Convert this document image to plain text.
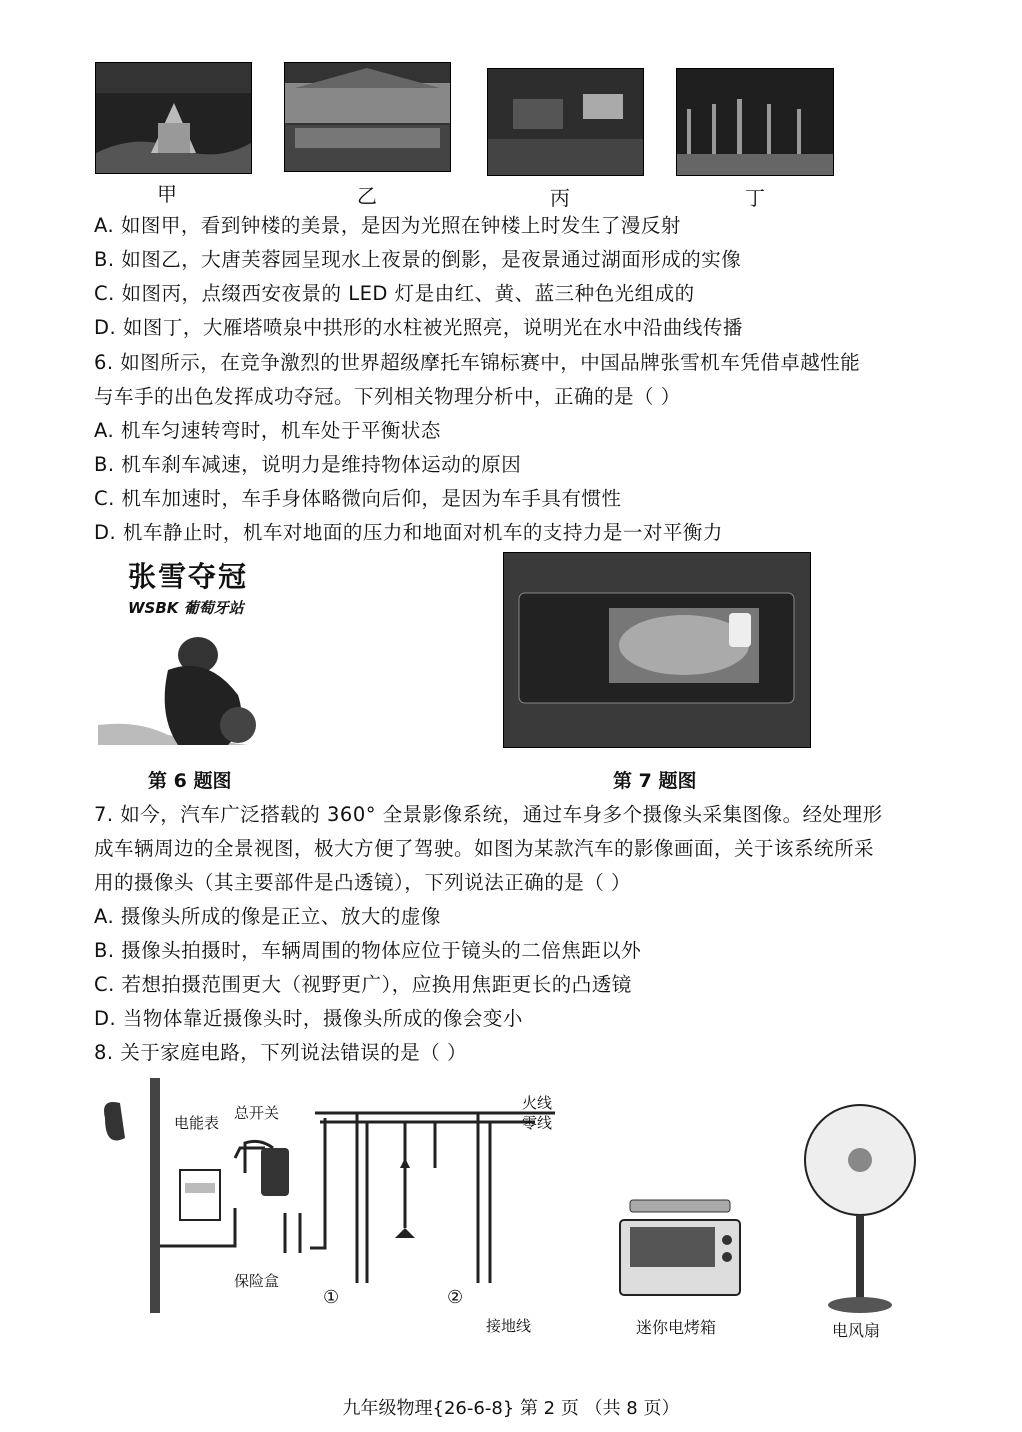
甲	乙	丙	丁
A. 如图甲，看到钟楼的美景，是因为光照在钟楼上时发生了漫反射
B. 如图乙，大唐芙蓉园呈现水上夜景的倒影，是夜景通过湖面形成的实像
C. 如图丙，点缀西安夜景的 LED 灯是由红、黄、蓝三种色光组成的
D. 如图丁，大雁塔喷泉中拱形的水柱被光照亮，说明光在水中沿曲线传播
6. 如图所示，在竞争激烈的世界超级摩托车锦标赛中，中国品牌张雪机车凭借卓越性能
与车手的出色发挥成功夺冠。下列相关物理分析中，正确的是（ ）
A. 机车匀速转弯时，机车处于平衡状态
B. 机车刹车减速，说明力是维持物体运动的原因
C. 机车加速时，车手身体略微向后仰，是因为车手具有惯性
D. 机车静止时，机车对地面的压力和地面对机车的支持力是一对平衡力
张雪夺冠
WSBK 葡萄牙站
第 6 题图	第 7 题图
7. 如今，汽车广泛搭载的 360° 全景影像系统，通过车身多个摄像头采集图像。经处理形
成车辆周边的全景视图，极大方便了驾驶。如图为某款汽车的影像画面，关于该系统所采
用的摄像头（其主要部件是凸透镜），下列说法正确的是（ ）
A. 摄像头所成的像是正立、放大的虚像
B. 摄像头拍摄时，车辆周围的物体应位于镜头的二倍焦距以外
C. 若想拍摄范围更大（视野更广），应换用焦距更长的凸透镜
D. 当物体靠近摄像头时，摄像头所成的像会变小
8. 关于家庭电路，下列说法错误的是（ ）
电能表
总开关
火线
零线
保险盒
接地线
①	②
迷你电烤箱	电风扇
九年级物理{26-6-8} 第 2 页 （共 8 页）
